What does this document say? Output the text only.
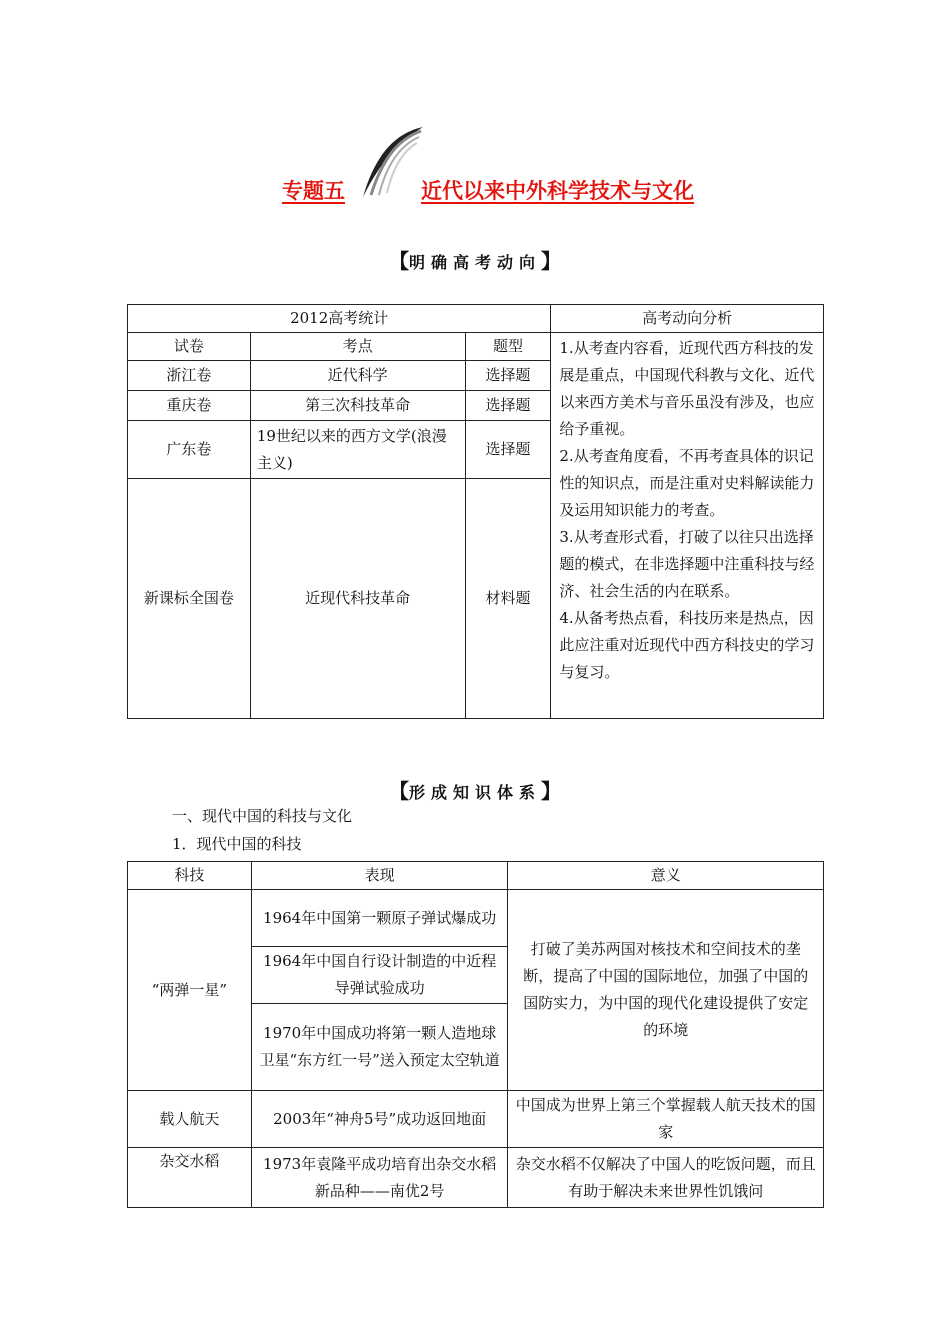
专题五	近代以来中外科学技术与文化
【明确高考动向】
2012高考统计			高考动向分析
试卷	考点	题型	1.从考查内容看，近现代西方科技的发展是重点，中国现代科教与文化、近代以来西方美术与音乐虽没有涉及，也应给予重视。
2.从考查角度看，不再考查具体的识记性的知识点，而是注重对史料解读能力及运用知识能力的考查。
3.从考查形式看，打破了以往只出选择题的模式，在非选择题中注重科技与经济、社会生活的内在联系。
4.从备考热点看，科技历来是热点，因此应注重对近现代中西方科技史的学习与复习。

浙江卷	近代科学	选择题	
重庆卷	第三次科技革命	选择题	
广东卷	19世纪以来的西方文学(浪漫主义)	选择题	
新课标全国卷	近现代科技革命	材料题	
【形成知识体系】
一、现代中国的科技与文化
1．现代中国的科技
科技	表现	意义
“两弹一星”	1964年中国第一颗原子弹试爆成功	打破了美苏两国对核技术和空间技术的垄断，提高了中国的国际地位，加强了中国的国防实力，为中国的现代化建设提供了安定的环境
	1964年中国自行设计制造的中近程导弹试验成功	
	1970年中国成功将第一颗人造地球卫星“东方红一号”送入预定太空轨道	
载人航天	2003年“神舟5号”成功返回地面	中国成为世界上第三个掌握载人航天技术的国家
杂交水稻	1973年袁隆平成功培育出杂交水稻新品种——南优2号	杂交水稻不仅解决了中国人的吃饭问题，而且有助于解决未来世界性饥饿问
